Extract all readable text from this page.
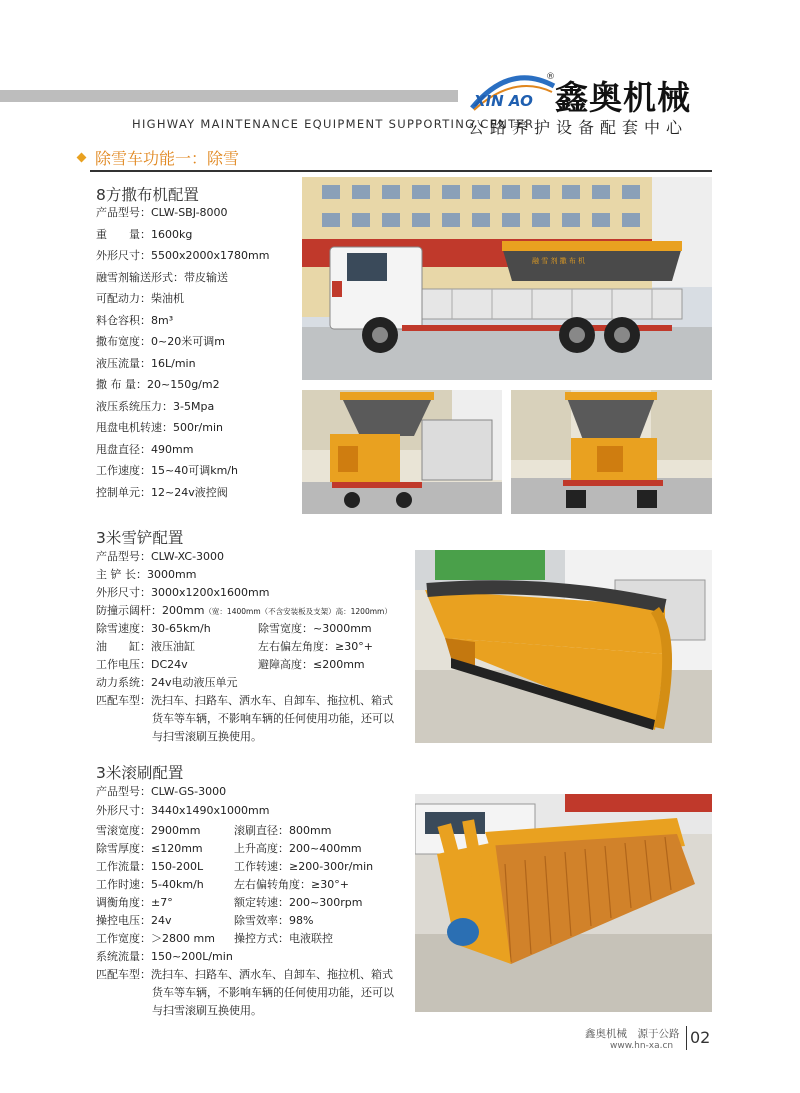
XIN AO
®
鑫奥机械
HIGHWAY MAINTENANCE EQUIPMENT SUPPORTING CENTER
公路养护设备配套中心
除雪车功能一：除雪
8方撒布机配置
产品型号：CLW-SBJ-8000
重　　量：1600kg
外形尺寸：5500x2000x1780mm
融雪剂输送形式：带皮输送
可配动力：柴油机
料仓容积：8m³
撒布宽度：0~20米可调m
液压流量：16L/min
撒 布 量：20~150g/m2
液压系统压力：3-5Mpa
甩盘电机转速：500r/min
甩盘直径：490mm
工作速度：15~40可调km/h
控制单元：12~24v液控阀
融 雪 剂 撒 布 机
3米雪铲配置
产品型号：CLW-XC-3000
主 铲 长：3000mm
外形尺寸：3000x1200x1600mm
防撞示阔杆：200mm（宽：1400mm（不含安装板及支架）高：1200mm）
除雪速度：30-65km/h	除雪宽度：~3000mm
油　　缸：液压油缸	左右偏左角度：≥30°+
工作电压：DC24v	避障高度：≤200mm
动力系统：24v电动液压单元
匹配车型：洗扫车、扫路车、洒水车、自卸车、拖拉机、箱式
货车等车辆，不影响车辆的任何使用功能，还可以
与扫雪滚刷互换使用。
3米滚刷配置
产品型号：CLW-GS-3000
外形尺寸：3440x1490x1000mm
雪滚宽度：2900mm	滚刷直径：800mm
除雪厚度：≤120mm	上升高度：200~400mm
工作流量：150-200L	工作转速：≥200-300r/min
工作时速：5-40km/h	左右偏转角度：≥30°+
调衡角度：±7°	额定转速：200~300rpm
操控电压：24v	除雪效率：98%
工作宽度：＞2800 mm 操控方式：电液联控
系统流量：150~200L/min
匹配车型：洗扫车、扫路车、洒水车、自卸车、拖拉机、箱式
货车等车辆，不影响车辆的任何使用功能，还可以
与扫雪滚刷互换使用。
鑫奥机械　源于公路
www.hn-xa.cn 02
